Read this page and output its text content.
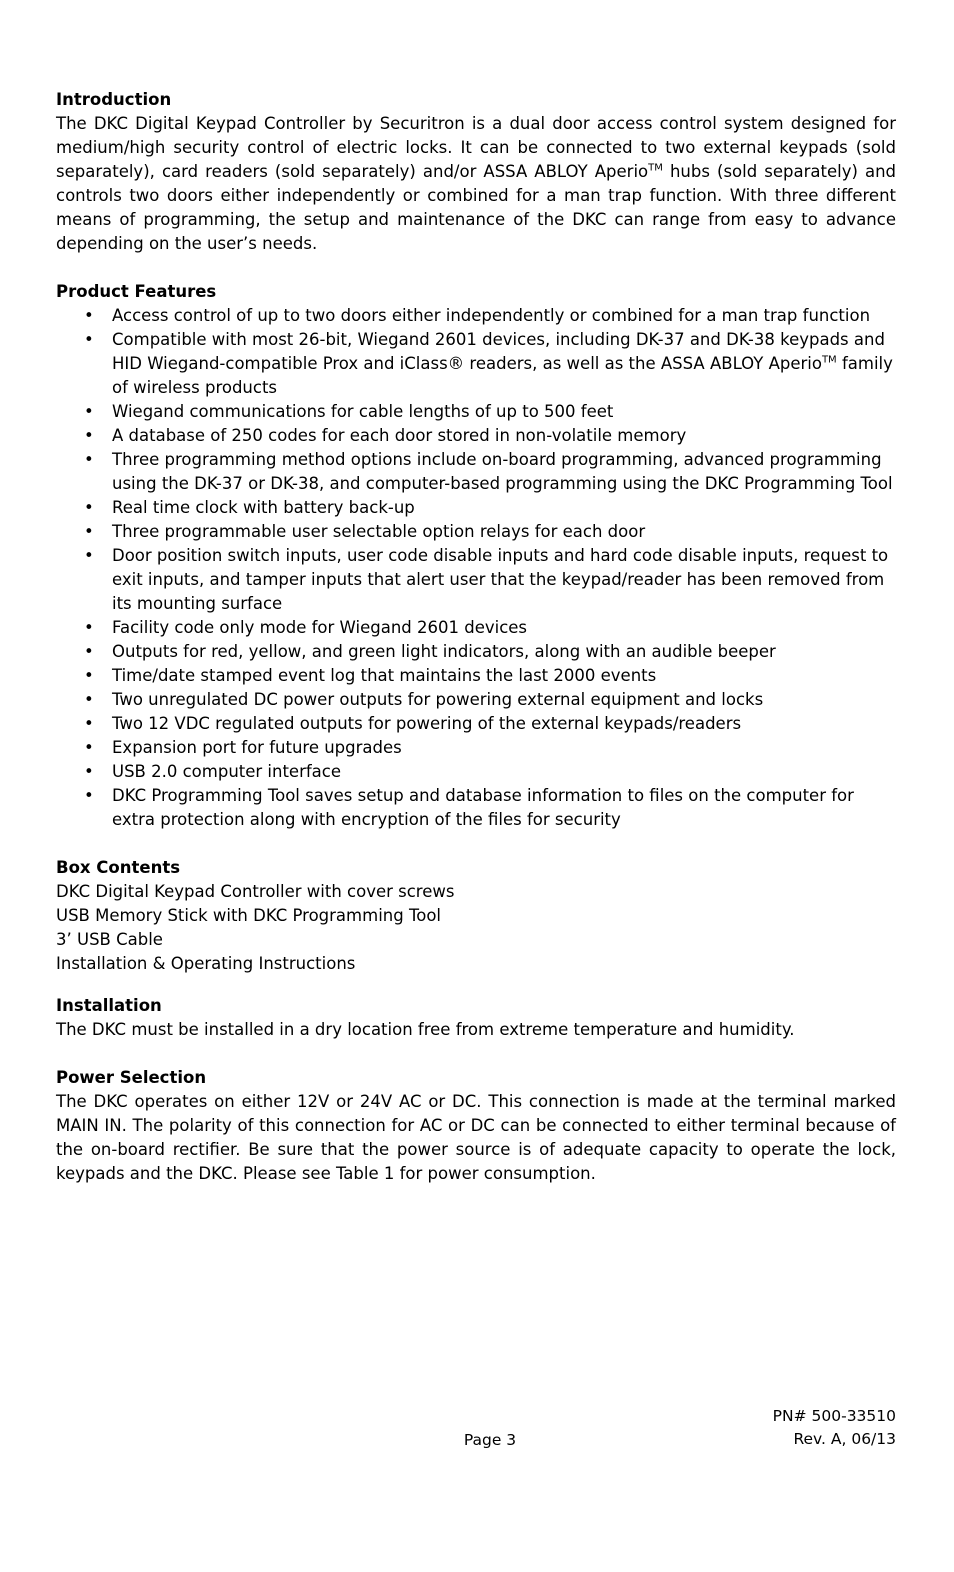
Introduction

The DKC Digital Keypad Controller by Securitron is a dual door access control system designed for medium/high security control of electric locks. It can be connected to two external keypads (sold separately), card readers (sold separately) and/or ASSA ABLOY Aperio™ hubs (sold separately) and controls two doors either independently or combined for a man trap function. With three different means of programming, the setup and maintenance of the DKC can range from easy to advance depending on the user’s needs.

Product Features
• Access control of up to two doors either independently or combined for a man trap function
• Compatible with most 26-bit, Wiegand 2601 devices, including DK-37 and DK-38 keypads and HID Wiegand-compatible Prox and iClass® readers, as well as the ASSA ABLOY Aperio™ family of wireless products
• Wiegand communications for cable lengths of up to 500 feet
• A database of 250 codes for each door stored in non-volatile memory
• Three programming method options include on-board programming, advanced programming using the DK-37 or DK-38, and computer-based programming using the DKC Programming Tool
• Real time clock with battery back-up
• Three programmable user selectable option relays for each door
• Door position switch inputs, user code disable inputs and hard code disable inputs, request to exit inputs, and tamper inputs that alert user that the keypad/reader has been removed from its mounting surface
• Facility code only mode for Wiegand 2601 devices
• Outputs for red, yellow, and green light indicators, along with an audible beeper
• Time/date stamped event log that maintains the last 2000 events
• Two unregulated DC power outputs for powering external equipment and locks
• Two 12 VDC regulated outputs for powering of the external keypads/readers
• Expansion port for future upgrades
• USB 2.0 computer interface
• DKC Programming Tool saves setup and database information to files on the computer for extra protection along with encryption of the files for security
Box Contents
DKC Digital Keypad Controller with cover screws
USB Memory Stick with DKC Programming Tool
3’ USB Cable
Installation & Operating Instructions
Installation

The DKC must be installed in a dry location free from extreme temperature and humidity.

Power Selection

The DKC operates on either 12V or 24V AC or DC. This connection is made at the terminal marked MAIN IN. The polarity of this connection for AC or DC can be connected to either terminal because of the on-board rectifier. Be sure that the power source is of adequate capacity to operate the lock, keypads and the DKC. Please see Table 1 for power consumption.

PN# 500-33510
Rev. A, 06/13
Page 3
